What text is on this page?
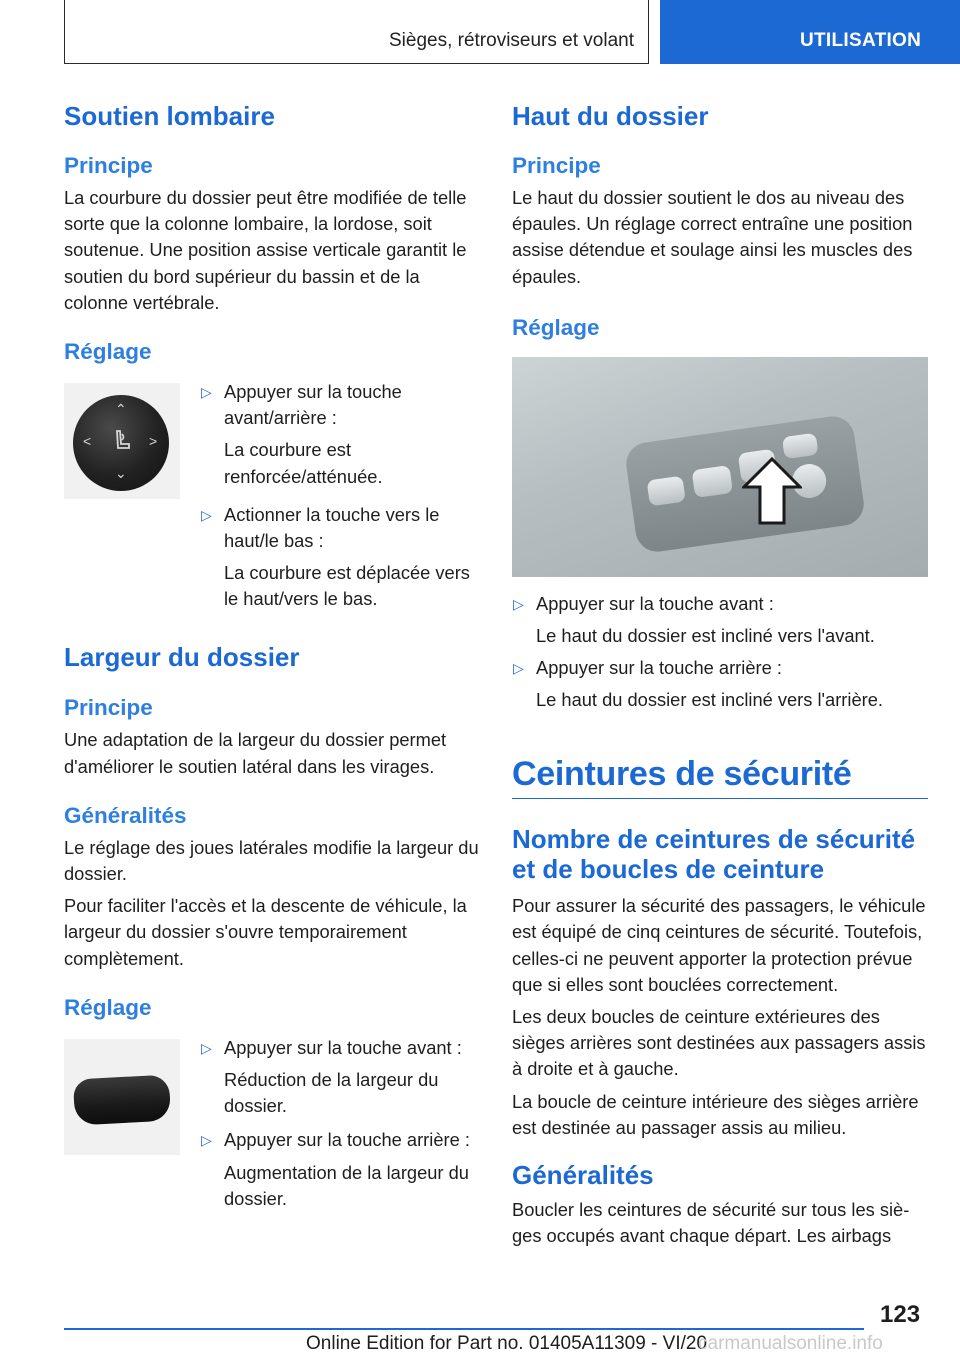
Sièges, rétroviseurs et volant	UTILISATION
Soutien lombaire
Principe

La courbure du dossier peut être modifiée de telle sorte que la colonne lombaire, la lordose, soit soutenue. Une position assise verticale garantit le soutien du bord supérieur du bassin et de la colonne vertébrale.

Réglage
⌃
⌄
<	>
▷ Appuyer sur la touche avant/arrière :

La courbure est renforcée/atténuée.

▷ Actionner la touche vers le haut/le bas :

La courbure est déplacée vers le haut/vers le bas.

Largeur du dossier
Principe

Une adaptation de la largeur du dossier permet d'améliorer le soutien latéral dans les virages.

Généralités

Le réglage des joues latérales modifie la largeur du dossier.

Pour faciliter l'accès et la descente de véhicule, la largeur du dossier s'ouvre temporairement complètement.

Réglage
▷ Appuyer sur la touche avant :

Réduction de la largeur du dossier.

▷ Appuyer sur la touche arrière :

Augmentation de la largeur du dossier.

Haut du dossier
Principe

Le haut du dossier soutient le dos au niveau des épaules. Un réglage correct entraîne une position assise détendue et soulage ainsi les muscles des épaules.

Réglage
▷ Appuyer sur la touche avant :

Le haut du dossier est incliné vers l'avant.

▷ Appuyer sur la touche arrière :

Le haut du dossier est incliné vers l'arrière.

Ceintures de sécurité
Nombre de ceintures de sécurité et de boucles de ceinture

Pour assurer la sécurité des passagers, le véhicule est équipé de cinq ceintures de sécurité. Toutefois, celles-ci ne peuvent apporter la protection prévue que si elles sont bouclées correctement.

Les deux boucles de ceinture extérieures des sièges arrières sont destinées aux passagers assis à droite et à gauche.

La boucle de ceinture intérieure des sièges arrière est destinée au passager assis au milieu.

Généralités

Boucler les ceintures de sécurité sur tous les sièges occupés avant chaque départ. Les airbags

123
Online Edition for Part no. 01405A11309 - VI/20
carmanualsonline.info
